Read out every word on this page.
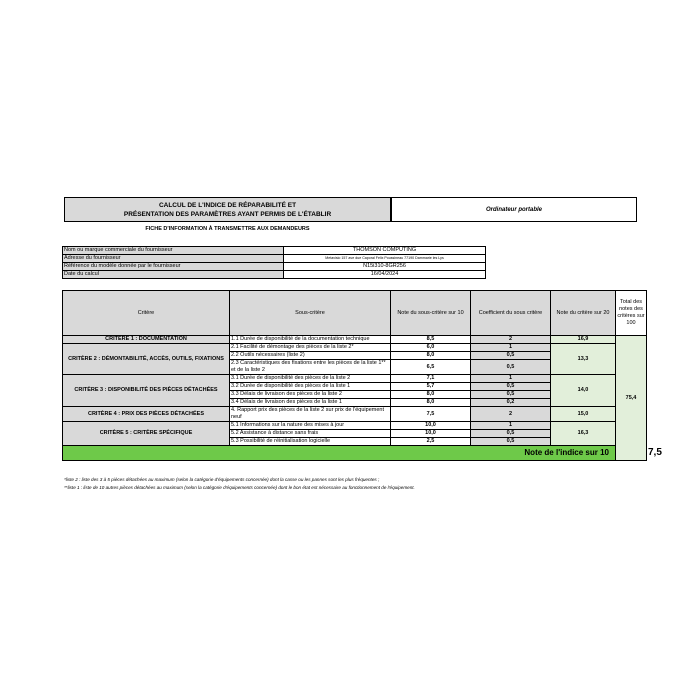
CALCUL DE L'INDICE DE RÉPARABILITÉ ET
PRÉSENTATION DES PARAMÈTRES AYANT PERMIS DE L'ÉTABLIR
Ordinateur portable
FICHE D'INFORMATION À TRANSMETTRE AUX DEMANDEURS
Nom ou marque commerciale du fournisseur	THOMSON COMPUTING
Adresse du fournisseur	Metavisio 157 ave due Caporal Felix Poussineau 77190 Dammarie les Lys
Référence du modèle donnée par le fournisseur	N15i310-8GR256
Date du calcul	16/04/2024
Critère	Sous-critère	Note du sous-critère sur 10	Coefficient du sous critère	Note du critère sur 20	Total des notes des critères sur 100	
CRITÈRE 1 : DOCUMENTATION	1.1 Durée de disponibilité de la documentation technique	8,5	2	16,9	75,4	
CRITÈRE 2 : DÉMONTABILITÉ, ACCÈS, OUTILS, FIXATIONS	2.1 Facilité de démontage des pièces de la liste 2*	6,0	1	13,3		
	2.2 Outils nécessaires (liste 2)	8,0	0,5			
	2.3 Caractéristiques des fixations entre les pièces de la liste 1** et de la liste 2	6,5	0,5			
CRITÈRE 3 : DISPONIBILITÉ DES PIÈCES DÉTACHÉES	3.1 Durée de disponibilité des pièces de la liste 2	7,1	1	14,0		
	3.2 Durée de disponibilité des pièces de la liste 1	5,7	0,5			
	3.3 Délais de livraison des pièces de la liste 2	8,0	0,5			
	3.4 Délais de livraison des pièces de la liste 1	8,0	0,2			
CRITÈRE 4 : PRIX DES PIÈCES DÉTACHÉES	4. Rapport prix des pièces de la liste 2 sur prix de l'équipement neuf	7,5	2	15,0		
CRITÈRE 5 : CRITÈRE SPÉCIFIQUE	5.1 Informations sur la nature des mises à jour	10,0	1	16,3		
	5.2 Assistance à distance sans frais	10,0	0,5			
	5.3 Possibilité de réinitialisation logicielle	2,5	0,5			
Note de l'indice sur 10						7,5
*liste 2 : liste des 3 à 5 pièces détachées au maximum (selon la catégorie d'équipements concernée) dont la casse ou les pannes sont les plus fréquentes ;
**liste 1 : liste de 10 autres pièces détachées au maximum (selon la catégorie d'équipements concernée) dont le bon état est nécessaire au fonctionnement de l'équipement.
